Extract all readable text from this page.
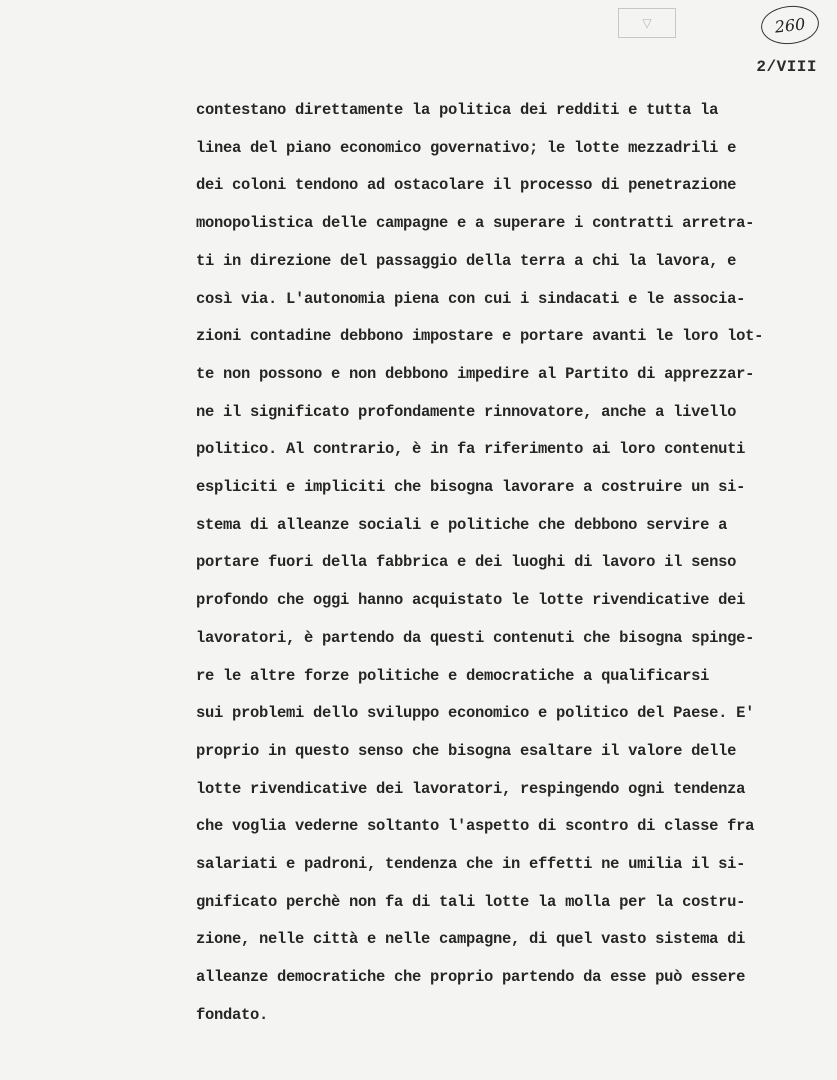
▽	260
2/VIII
contestano direttamente la politica dei redditi e tutta la
linea del piano economico governativo; le lotte mezzadrili e
dei coloni tendono ad ostacolare il processo di penetrazione
monopolistica delle campagne e a superare i contratti arretra-
ti in direzione del passaggio della terra a chi la lavora, e
così via. L'autonomia piena con cui i sindacati e le associa-
zioni contadine debbono impostare e portare avanti le loro lot-
te non possono e non debbono impedire al Partito di apprezzar-
ne il significato profondamente rinnovatore, anche a livello
politico. Al contrario, è in fa riferimento ai loro contenuti
espliciti e impliciti che bisogna lavorare a costruire un si-
stema di alleanze sociali e politiche che debbono servire a
portare fuori della fabbrica e dei luoghi di lavoro il senso
profondo che oggi hanno acquistato le lotte rivendicative dei
lavoratori, è partendo da questi contenuti che bisogna spinge-
re le altre forze politiche e democratiche a qualificarsi
sui problemi dello sviluppo economico e politico del Paese. E'
proprio in questo senso che bisogna esaltare il valore delle
lotte rivendicative dei lavoratori, respingendo ogni tendenza
che voglia vederne soltanto l'aspetto di scontro di classe fra
salariati e padroni, tendenza che in effetti ne umilia il si-
gnificato perchè non fa di tali lotte la molla per la costru-
zione, nelle città e nelle campagne, di quel vasto sistema di
alleanze democratiche che proprio partendo da esse può essere
fondato.
